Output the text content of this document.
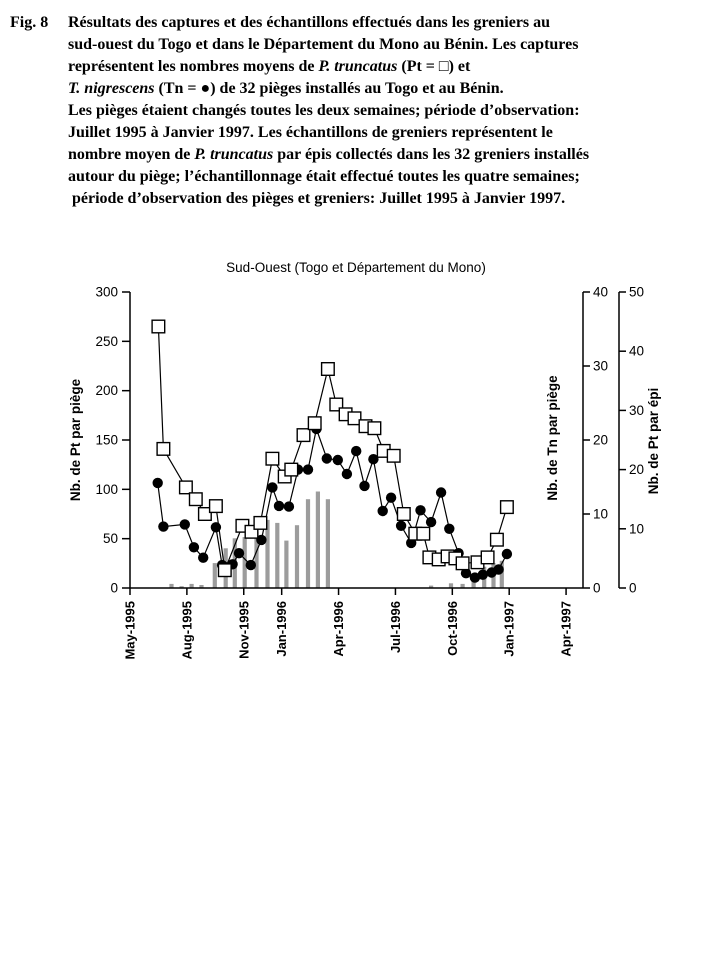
Fig. 8 Résultats des captures et des échantillons effectués dans les greniers au
sud-ouest du Togo et dans le Département du Mono au Bénin. Les captures
représentent les nombres moyens de P. truncatus (Pt = □) et
T. nigrescens (Tn = ●) de 32 pièges installés au Togo et au Bénin.
Les pièges étaient changés toutes les deux semaines; période d’observation:
Juillet 1995 à Janvier 1997. Les échantillons de greniers représentent le
nombre moyen de P. truncatus par épis collectés dans les 32 greniers installés
autour du piège; l’échantillonnage était effectué toutes les quatre semaines;
période d’observation des pièges et greniers: Juillet 1995 à Janvier 1997.
Sud-Ouest (Togo et Département du Mono)
0
50
100
150
200
250
300
0
10
20
30
40
0
10
20
30
40
50
May-1995	Aug-1995	Nov-1995 Jan-1996	Apr-1996	Jul-1996	Oct-1996	Jan-1997	Apr-1997
Nb. de Pt par piège	Nb. de Tn par piège	Nb. de Pt par épi
